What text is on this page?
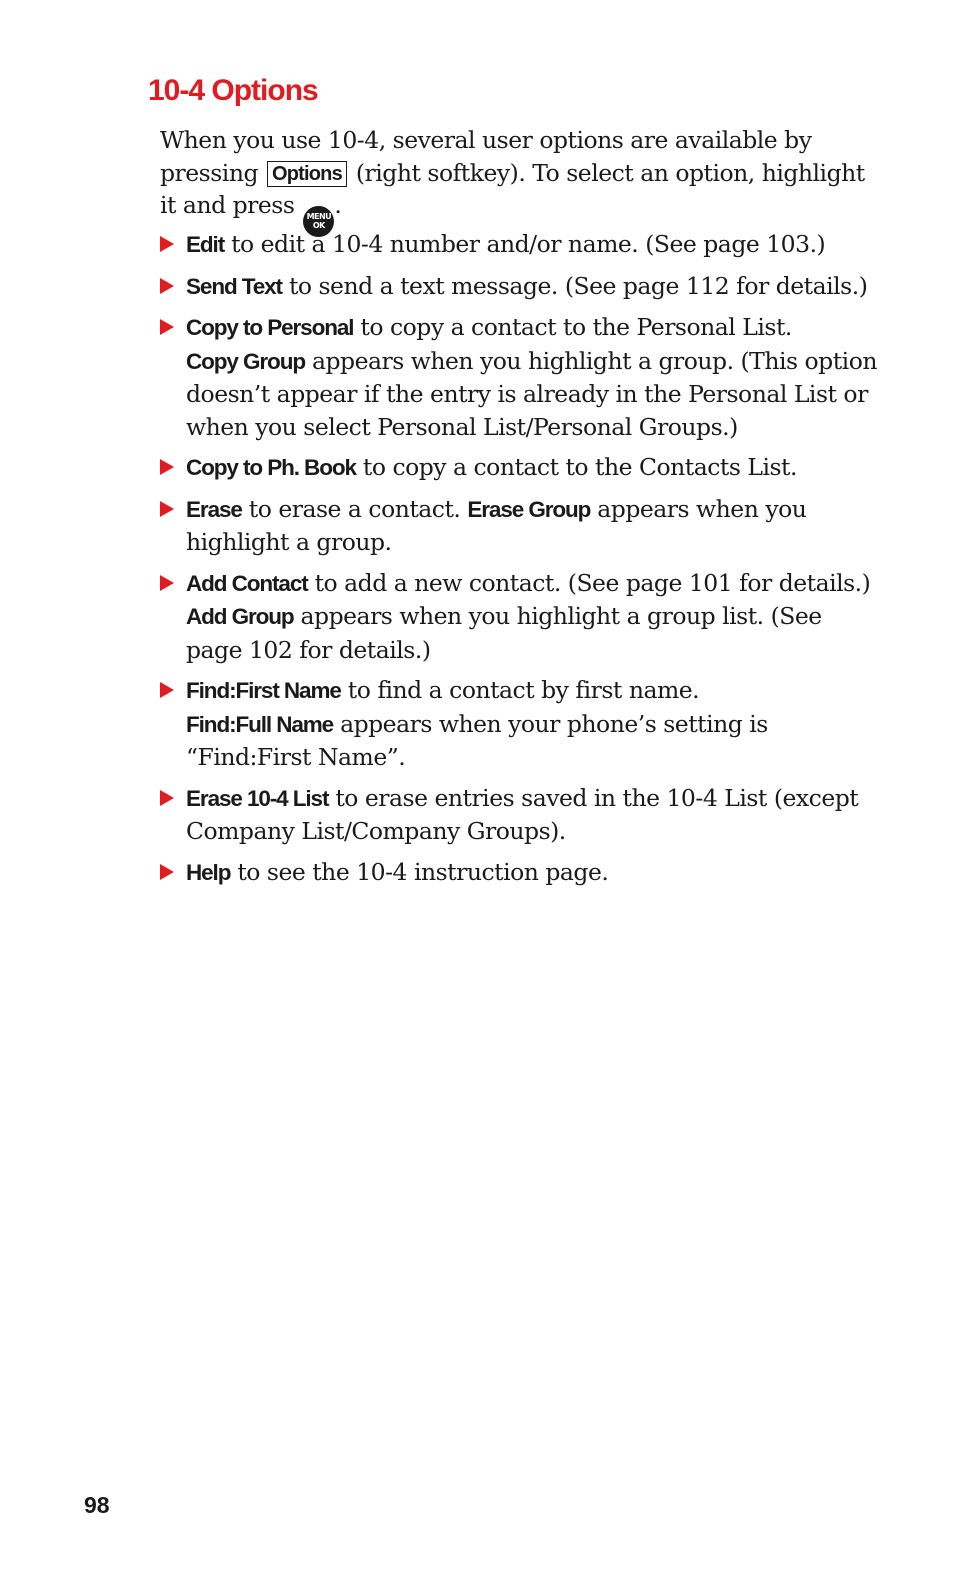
10-4 Options

When you use 10-4, several user options are available by pressing Options (right softkey). To select an option, highlight it and press MENU
OK
.

Edit to edit a 10-4 number and/or name. (See page 103.)
Send Text to send a text message. (See page 112 for details.)
Copy to Personal to copy a contact to the Personal List.
Copy Group appears when you highlight a group. (This option doesn’t appear if the entry is already in the Personal List or when you select Personal List/Personal Groups.)
Copy to Ph. Book to copy a contact to the Contacts List.
Erase to erase a contact. Erase Group appears when you highlight a group.
Add Contact to add a new contact. (See page 101 for details.)
Add Group appears when you highlight a group list. (See page 102 for details.)
Find:First Name to find a contact by first name.
Find:Full Name appears when your phone’s setting is “Find:First Name”.
Erase 10-4 List to erase entries saved in the 10-4 List (except Company List/Company Groups).
Help to see the 10-4 instruction page.
98
